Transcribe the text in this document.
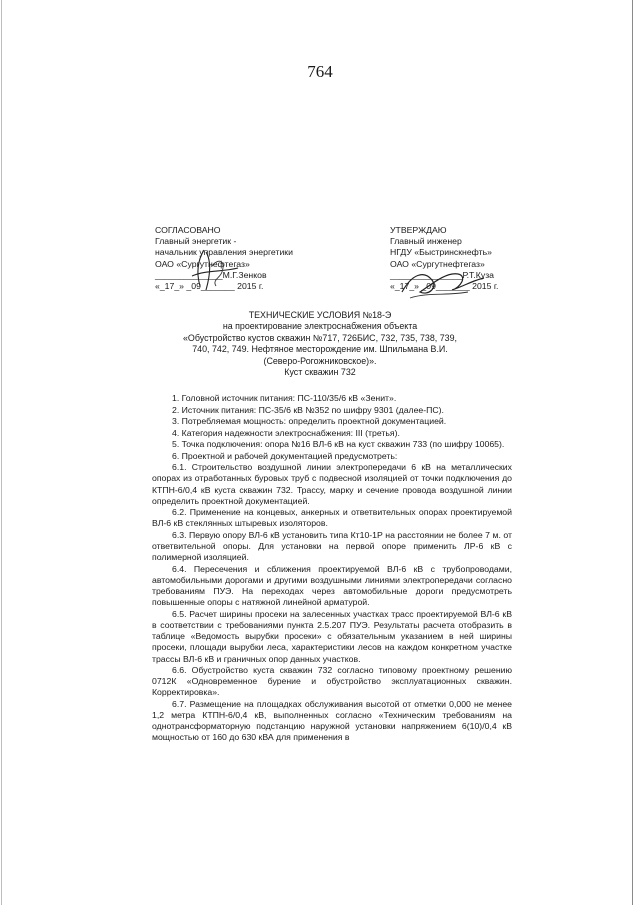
764
СОГЛАСОВАНО
Главный энергетик -
начальник управления энергетики
ОАО «Сургутнефтегаз»
______________М.Г.Зенков
«_17_» _09_______ 2015 г.
УТВЕРЖДАЮ
Главный инженер
НГДУ «Быстринскнефть»
ОАО «Сургутнефтегаз»
_______________Р.Т.Куза
«_17_» _09_______ 2015 г.
ТЕХНИЧЕСКИЕ УСЛОВИЯ №18-Э
на проектирование электроснабжения объекта
«Обустройство кустов скважин №717, 726БИС, 732, 735, 738, 739,
740, 742, 749. Нефтяное месторождение им. Шпильмана В.И.
(Северо-Рогожниковское)».
Куст скважин 732

1. Головной источник питания: ПС-110/35/6 кВ «Зенит».

2. Источник питания: ПС-35/6 кВ №352 по шифру 9301 (далее-ПС).

3. Потребляемая мощность: определить проектной документацией.

4. Категория надежности электроснабжения: III (третья).

5. Точка подключения: опора №16 ВЛ-6 кВ на куст скважин 733 (по шифру 10065).

6. Проектной и рабочей документацией предусмотреть:

6.1. Строительство воздушной линии электропередачи 6 кВ на металлических опорах из отработанных буровых труб с подвесной изоляцией от точки подключения до КТПН-6/0,4 кВ куста скважин 732. Трассу, марку и сечение провода воздушной линии определить проектной документацией.

6.2. Применение на концевых, анкерных и ответвительных опорах проектируемой ВЛ-6 кВ стеклянных штыревых изоляторов.

6.3. Первую опору ВЛ-6 кВ установить типа Кт10-1Р на расстоянии не более 7 м. от ответвительной опоры. Для установки на первой опоре применить ЛР-6 кВ с полимерной изоляцией.

6.4. Пересечения и сближения проектируемой ВЛ-6 кВ с трубопроводами, автомобильными дорогами и другими воздушными линиями электропередачи согласно требованиям ПУЭ. На переходах через автомобильные дороги предусмотреть повышенные опоры с натяжной линейной арматурой.

6.5. Расчет ширины просеки на залесенных участках трасс проектируемой ВЛ-6 кВ в соответствии с требованиями пункта 2.5.207 ПУЭ. Результаты расчета отобразить в таблице «Ведомость вырубки просеки» с обязательным указанием в ней ширины просеки, площади вырубки леса, характеристики лесов на каждом конкретном участке трассы ВЛ-6 кВ и граничных опор данных участков.

6.6. Обустройство куста скважин 732 согласно типовому проектному решению 0712К «Одновременное бурение и обустройство эксплуатационных скважин. Корректировка».

6.7. Размещение на площадках обслуживания высотой от отметки 0,000 не менее 1,2 метра КТПН-6/0,4 кВ, выполненных согласно «Техническим требованиям на однотрансформаторную подстанцию наружной установки напряжением 6(10)/0,4 кВ мощностью от 160 до 630 кВА для применения в
